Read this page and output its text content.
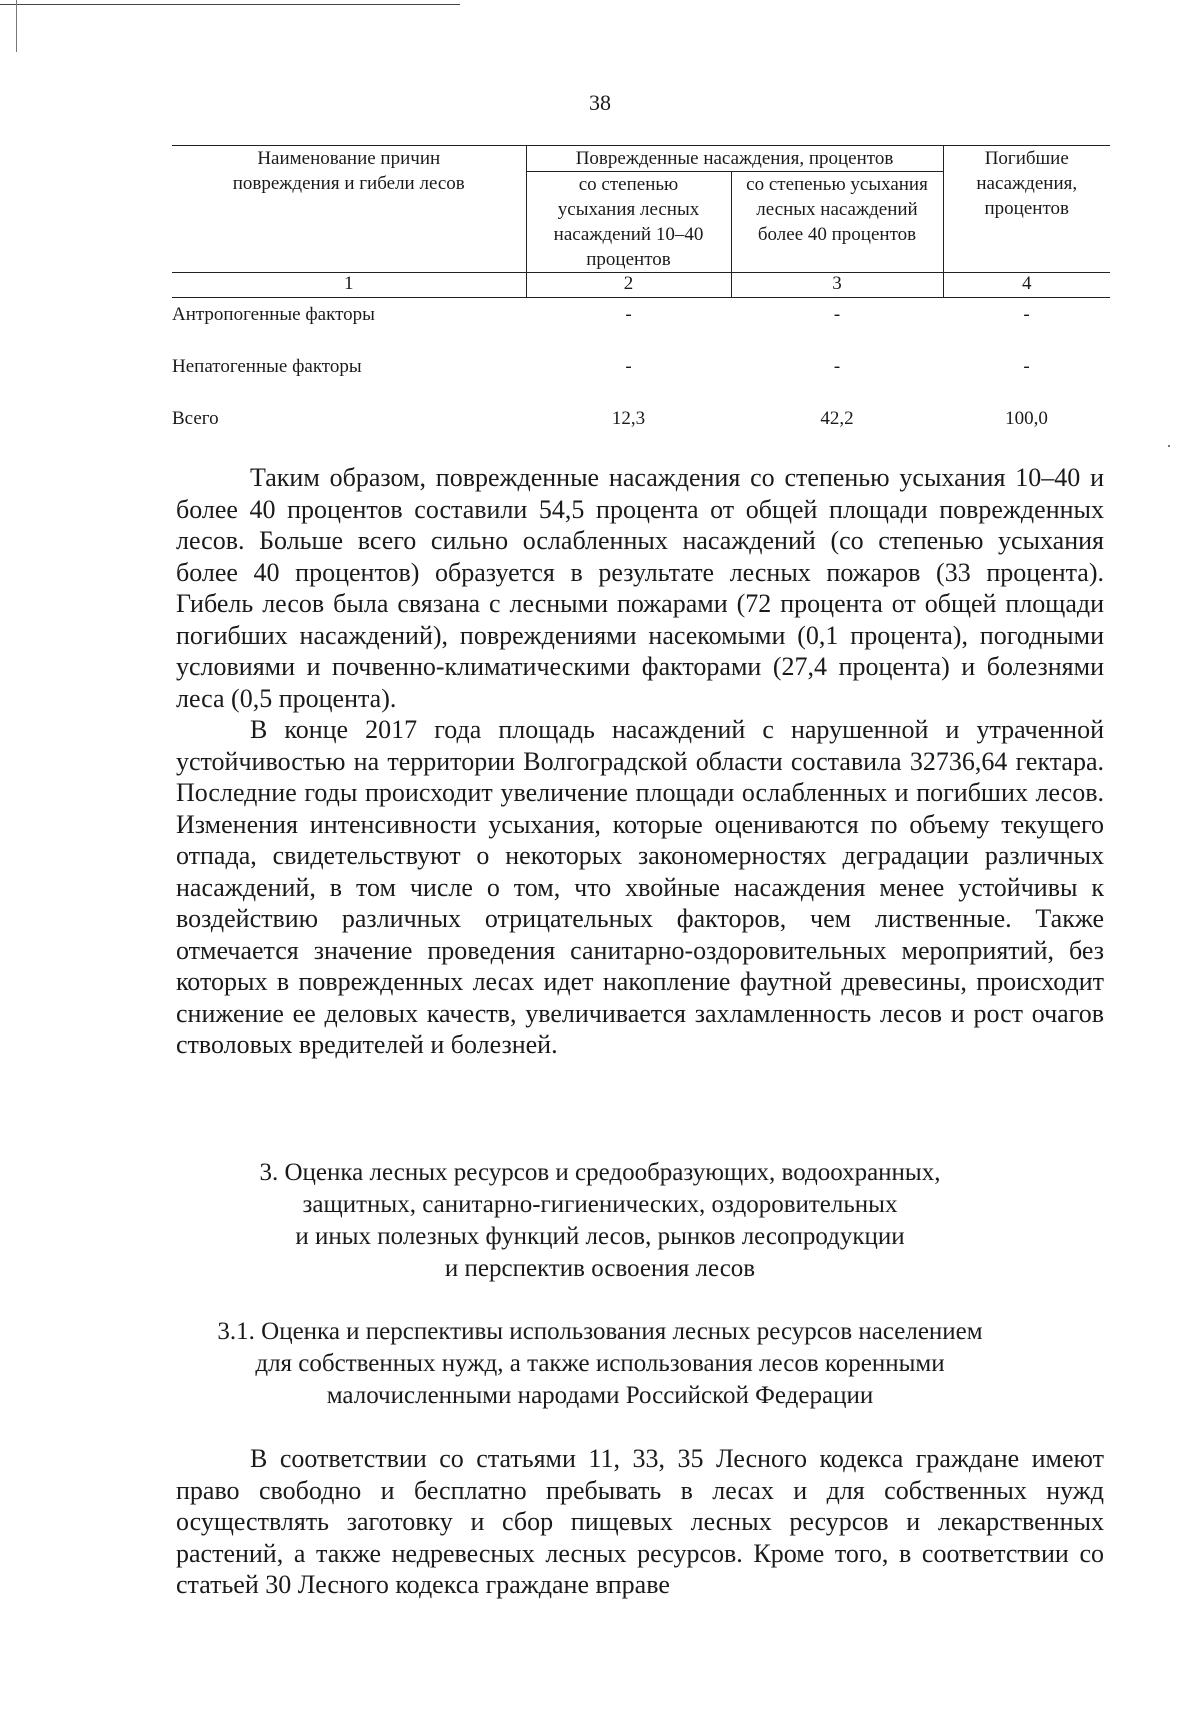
38
Наименование причин повреждения и гибели лесов	Поврежденные насаждения, процентов		Погибшие насаждения, процентов
	со степенью усыхания лесных насаждений 10–40 процентов	со степенью усыхания лесных насаждений более 40 процентов	
1	2	3	4
Антропогенные факторы	-	-	-
Непатогенные факторы	-	-	-
Всего	12,3	42,2	100,0

Таким образом, поврежденные насаждения со степенью усыхания 10–40 и более 40 процентов составили 54,5 процента от общей площади поврежденных лесов. Больше всего сильно ослабленных насаждений (со степенью усыхания более 40 процентов) образуется в результате лесных пожаров (33 процента). Гибель лесов была связана с лесными пожарами (72 процента от общей площади погибших насаждений), повреждениями насекомыми (0,1 процента), погодными условиями и почвенно-климатическими факторами (27,4 процента) и болезнями леса (0,5 процента).

В конце 2017 года площадь насаждений с нарушенной и утраченной устойчивостью на территории Волгоградской области составила 32736,64 гектара. Последние годы происходит увеличение площади ослабленных и погибших лесов. Изменения интенсивности усыхания, которые оцениваются по объему текущего отпада, свидетельствуют о некоторых закономерностях деградации различных насаждений, в том числе о том, что хвойные насаждения менее устойчивы к воздействию различных отрицательных факторов, чем лиственные. Также отмечается значение проведения санитарно-оздоровительных мероприятий, без которых в поврежденных лесах идет накопление фаутной древесины, происходит снижение ее деловых качеств, увеличивается захламленность лесов и рост очагов стволовых вредителей и болезней.

3. Оценка лесных ресурсов и средообразующих, водоохранных,
защитных, санитарно-гигиенических, оздоровительных
и иных полезных функций лесов, рынков лесопродукции
и перспектив освоения лесов
3.1. Оценка и перспективы использования лесных ресурсов населением
для собственных нужд, а также использования лесов коренными
малочисленными народами Российской Федерации

В соответствии со статьями 11, 33, 35 Лесного кодекса граждане имеют право свободно и бесплатно пребывать в лесах и для собственных нужд осуществлять заготовку и сбор пищевых лесных ресурсов и лекарственных растений, а также недревесных лесных ресурсов. Кроме того, в соответствии со статьей 30 Лесного кодекса граждане вправе
